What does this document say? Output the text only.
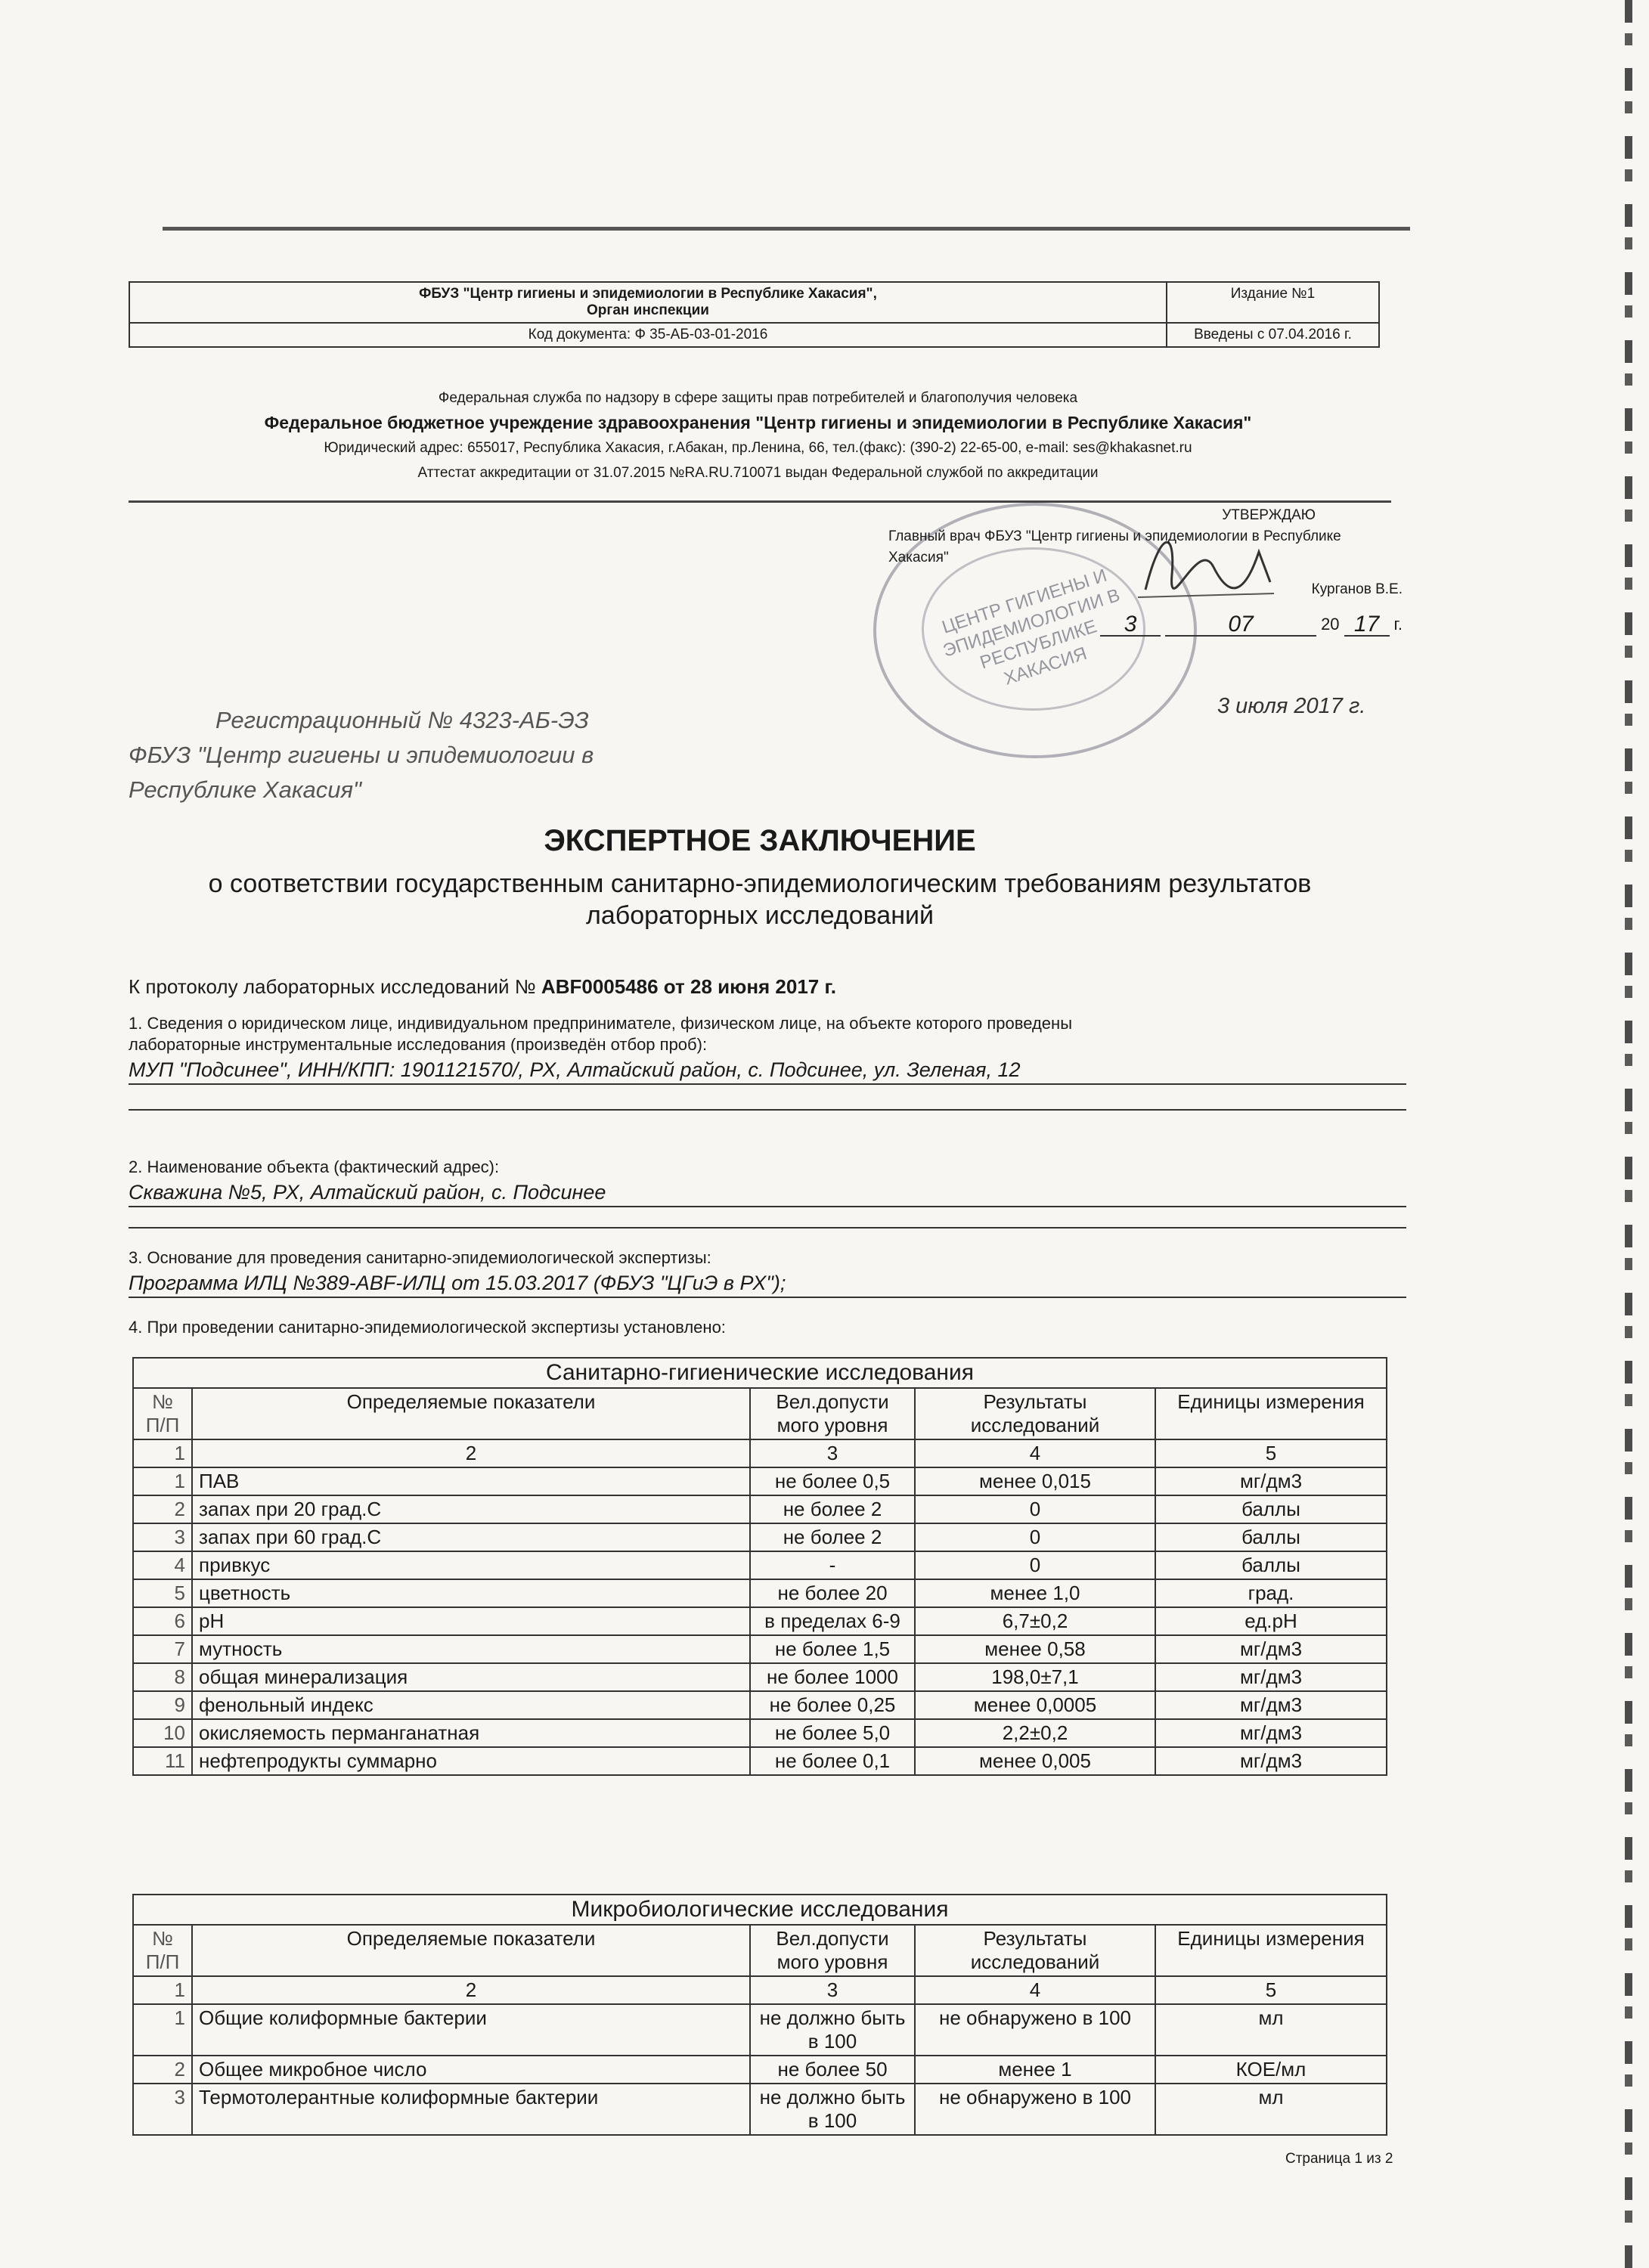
ФБУЗ "Центр гигиены и эпидемиологии в Республике Хакасия",
Орган инспекции	Издание №1
Код документа: Ф 35-АБ-03-01-2016	Введены с 07.04.2016 г.
Федеральная служба по надзору в сфере защиты прав потребителей и благополучия человека
Федеральное бюджетное учреждение здравоохранения "Центр гигиены и эпидемиологии в Республике Хакасия"
Юридический адрес: 655017, Республика Хакасия, г.Абакан, пр.Ленина, 66, тел.(факс): (390-2) 22-65-00, e-mail: ses@khakasnet.ru
Аттестат аккредитации от 31.07.2015 №RA.RU.710071 выдан Федеральной службой по аккредитации
ЦЕНТР ГИГИЕНЫ И ЭПИДЕМИОЛОГИИ В РЕСПУБЛИКЕ ХАКАСИЯ
УТВЕРЖДАЮ
Главный врач ФБУЗ "Центр гигиены и эпидемиологии в Республике Хакасия"
Курганов В.Е.
3	07	20 17 г.
Регистрационный № 4323-АБ-ЭЗ
ФБУЗ "Центр гигиены и эпидемиологии в
Республике Хакасия"
3 июля 2017 г.
ЭКСПЕРТНОЕ ЗАКЛЮЧЕНИЕ
о соответствии государственным санитарно-эпидемиологическим требованиям результатов
лабораторных исследований
К протоколу лабораторных исследований № ABF0005486 от 28 июня 2017 г.
1. Сведения о юридическом лице, индивидуальном предпринимателе, физическом лице, на объекте которого проведены
лабораторные инструментальные исследования (произведён отбор проб):
МУП "Подсинее", ИНН/КПП: 1901121570/, РХ, Алтайский район, с. Подсинее, ул. Зеленая, 12
2. Наименование объекта (фактический адрес):
Скважина №5, РХ, Алтайский район, с. Подсинее
3. Основание для проведения санитарно-эпидемиологической экспертизы:
Программа ИЛЦ №389-ABF-ИЛЦ от 15.03.2017 (ФБУЗ "ЦГиЭ в РХ");
4. При проведении санитарно-эпидемиологической экспертизы установлено:
Санитарно-гигиенические исследования				
№ П/П	Определяемые показатели	Вел.допусти мого уровня	Результаты исследований	Единицы измерения
1	2	3	4	5
1	ПАВ	не более 0,5	менее 0,015	мг/дм3
2	запах при 20 град.С	не более 2	0	баллы
3	запах при 60 град.С	не более 2	0	баллы
4	привкус	-	0	баллы
5	цветность	не более 20	менее 1,0	град.
6	pH	в пределах 6-9	6,7±0,2	ед.pH
7	мутность	не более 1,5	менее 0,58	мг/дм3
8	общая минерализация	не более 1000	198,0±7,1	мг/дм3
9	фенольный индекс	не более 0,25	менее 0,0005	мг/дм3
10	окисляемость перманганатная	не более 5,0	2,2±0,2	мг/дм3
11	нефтепродукты суммарно	не более 0,1	менее 0,005	мг/дм3
Микробиологические исследования				
№ П/П	Определяемые показатели	Вел.допусти мого уровня	Результаты исследований	Единицы измерения
1	2	3	4	5
1	Общие колиформные бактерии	не должно быть в 100	не обнаружено в 100	мл
2	Общее микробное число	не более 50	менее 1	КОЕ/мл
3	Термотолерантные колиформные бактерии	не должно быть в 100	не обнаружено в 100	мл
Страница 1 из 2
